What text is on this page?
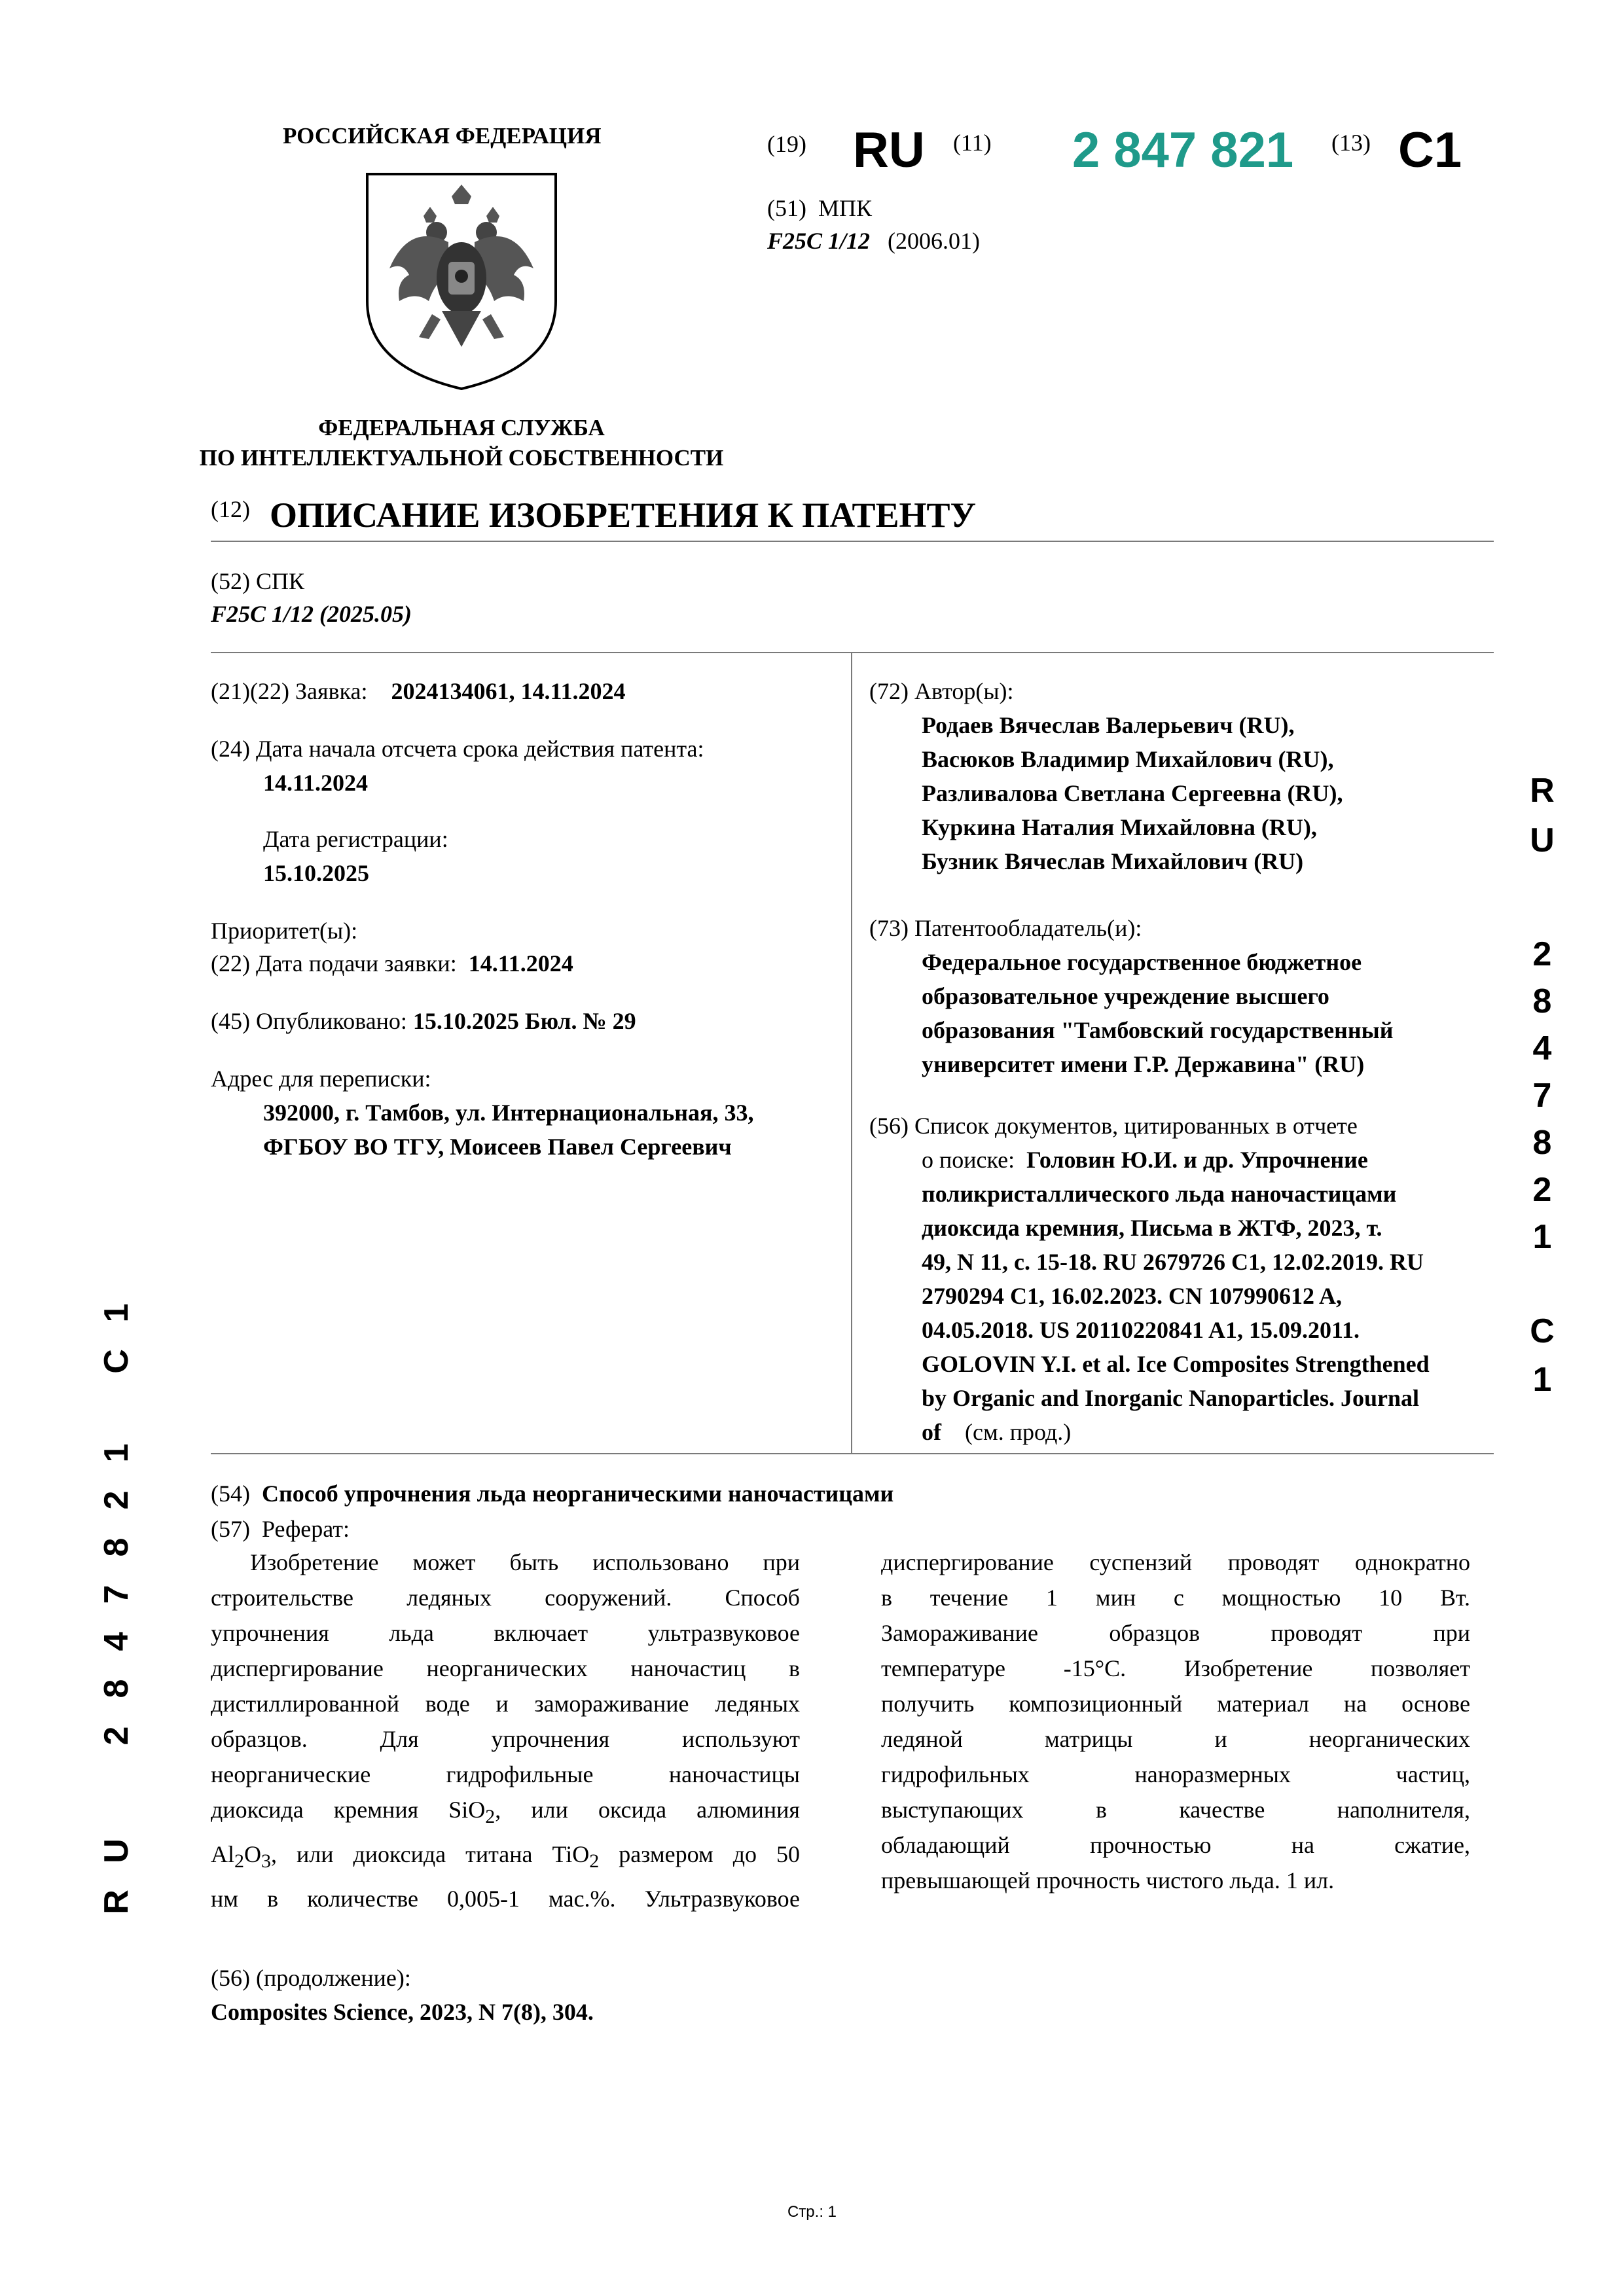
РОССИЙСКАЯ ФЕДЕРАЦИЯ
ФЕДЕРАЛЬНАЯ СЛУЖБА
ПО ИНТЕЛЛЕКТУАЛЬНОЙ СОБСТВЕННОСТИ
(19) RU (11) 2 847 821 (13) C1
(51) МПК
F25C 1/12 (2006.01)
(12) ОПИСАНИЕ ИЗОБРЕТЕНИЯ К ПАТЕНТУ
(52) СПК
F25C 1/12 (2025.05)
(21)(22) Заявка: 2024134061, 14.11.2024
(24) Дата начала отсчета срока действия патента:
14.11.2024
Дата регистрации:
15.10.2025
Приоритет(ы):
(22) Дата подачи заявки: 14.11.2024
(45) Опубликовано: 15.10.2025 Бюл. № 29
Адрес для переписки:
392000, г. Тамбов, ул. Интернациональная, 33,
ФГБОУ ВО ТГУ, Моисеев Павел Сергеевич
(72) Автор(ы):
Родаев Вячеслав Валерьевич (RU),
Васюков Владимир Михайлович (RU),
Разливалова Светлана Сергеевна (RU),
Куркина Наталия Михайловна (RU),
Бузник Вячеслав Михайлович (RU)
(73) Патентообладатель(и):
Федеральное государственное бюджетное
образовательное учреждение высшего
образования "Тамбовский государственный
университет имени Г.Р. Державина" (RU)
(56) Список документов, цитированных в отчете
о поиске: Головин Ю.И. и др. Упрочнение
поликристаллического льда наночастицами
диоксида кремния, Письма в ЖТФ, 2023, т.
49, N 11, с. 15-18. RU 2679726 C1, 12.02.2019. RU
2790294 C1, 16.02.2023. CN 107990612 A,
04.05.2018. US 20110220841 A1, 15.09.2011.
GOLOVIN Y.I. et al. Ice Composites Strengthened
by Organic and Inorganic Nanoparticles. Journal
of (см. прод.)
(54) Способ упрочнения льда неорганическими наночастицами
(57) Реферат:
Изобретение может быть использовано при
строительстве ледяных сооружений. Способ
упрочнения льда включает ультразвуковое
диспергирование неорганических наночастиц в
дистиллированной воде и замораживание ледяных
образцов. Для упрочнения используют
неорганические гидрофильные наночастицы
диоксида кремния SiO$_2$, или оксида алюминия
$Al_2O_3$, или диоксида титана TiO$_2$ размером до 50
нм в количестве 0,005-1 мас.%. Ультразвуковое
диспергирование суспензий проводят однократно
в течение 1 мин с мощностью 10 Вт.
Замораживание образцов проводят при
температуре -15°C. Изобретение позволяет
получить композиционный материал на основе
ледяной матрицы и неорганических
гидрофильных наноразмерных частиц,
выступающих в качестве наполнителя,
обладающий прочностью на сжатие,
превышающей прочность чистого льда. 1 ил.
(56) (продолжение):
Composites Science, 2023, N 7(8), 304.
Стр.: 1
R
U
2
8
4
7
8
2
1
C
1
R
U
2
8
4
7
8
2
1
C
1
